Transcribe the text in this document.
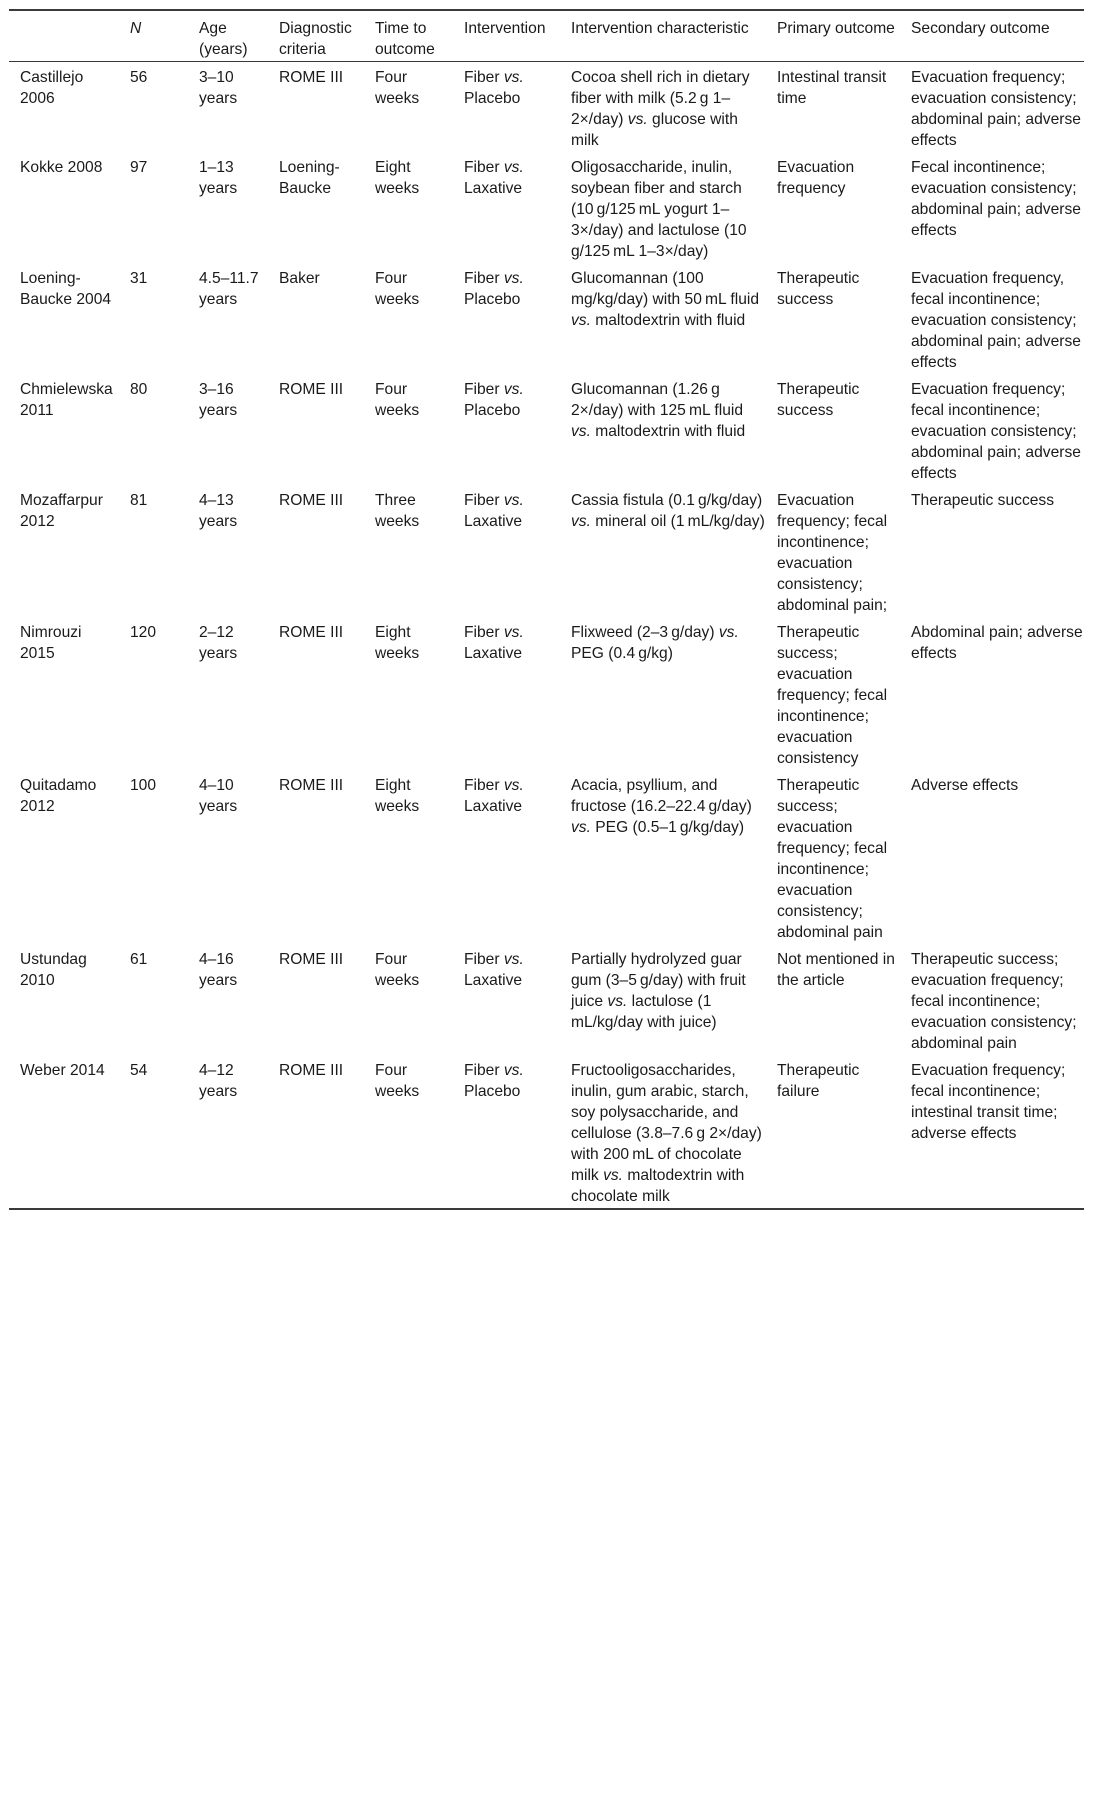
	N	Age (years)	Diagnostic criteria	Time to outcome	Intervention	Intervention characteristic	Primary outcome	Secondary outcome
Castillejo 2006	56	3–10 years	ROME III	Four weeks	Fiber vs. Placebo	Cocoa shell rich in dietary fiber with milk (5.2 g 1–2×/day) vs. glucose with milk	Intestinal transit time	Evacuation frequency; evacuation consistency; abdominal pain; adverse effects
Kokke 2008	97	1–13 years	Loening-Baucke	Eight weeks	Fiber vs. Laxative	Oligosaccharide, inulin, soybean fiber and starch (10 g/125 mL yogurt 1–3×/day) and lactulose (10 g/125 mL 1–3×/day)	Evacuation frequency	Fecal incontinence; evacuation consistency; abdominal pain; adverse effects
Loening-Baucke 2004	31	4.5–11.7 years	Baker	Four weeks	Fiber vs. Placebo	Glucomannan (100 mg/kg/day) with 50 mL fluid vs. maltodextrin with fluid	Therapeutic success	Evacuation frequency, fecal incontinence; evacuation consistency; abdominal pain; adverse effects
Chmielewska 2011	80	3–16 years	ROME III	Four weeks	Fiber vs. Placebo	Glucomannan (1.26 g 2×/day) with 125 mL fluid vs. maltodextrin with fluid	Therapeutic success	Evacuation frequency; fecal incontinence; evacuation consistency; abdominal pain; adverse effects
Mozaffarpur 2012	81	4–13 years	ROME III	Three weeks	Fiber vs. Laxative	Cassia fistula (0.1 g/kg/day) vs. mineral oil (1 mL/kg/day)	Evacuation frequency; fecal incontinence; evacuation consistency; abdominal pain;	Therapeutic success
Nimrouzi 2015	120	2–12 years	ROME III	Eight weeks	Fiber vs. Laxative	Flixweed (2–3 g/day) vs. PEG (0.4 g/kg)	Therapeutic success; evacuation frequency; fecal incontinence; evacuation consistency	Abdominal pain; adverse effects
Quitadamo 2012	100	4–10 years	ROME III	Eight weeks	Fiber vs. Laxative	Acacia, psyllium, and fructose (16.2–22.4 g/day) vs. PEG (0.5–1 g/kg/day)	Therapeutic success; evacuation frequency; fecal incontinence; evacuation consistency; abdominal pain	Adverse effects
Ustundag 2010	61	4–16 years	ROME III	Four weeks	Fiber vs. Laxative	Partially hydrolyzed guar gum (3–5 g/day) with fruit juice vs. lactulose (1 mL/kg/day with juice)	Not mentioned in the article	Therapeutic success; evacuation frequency; fecal incontinence; evacuation consistency; abdominal pain
Weber 2014	54	4–12 years	ROME III	Four weeks	Fiber vs. Placebo	Fructooligosaccharides, inulin, gum arabic, starch, soy polysaccharide, and cellulose (3.8–7.6 g 2×/day) with 200 mL of chocolate milk vs. maltodextrin with chocolate milk	Therapeutic failure	Evacuation frequency; fecal incontinence; intestinal transit time; adverse effects
